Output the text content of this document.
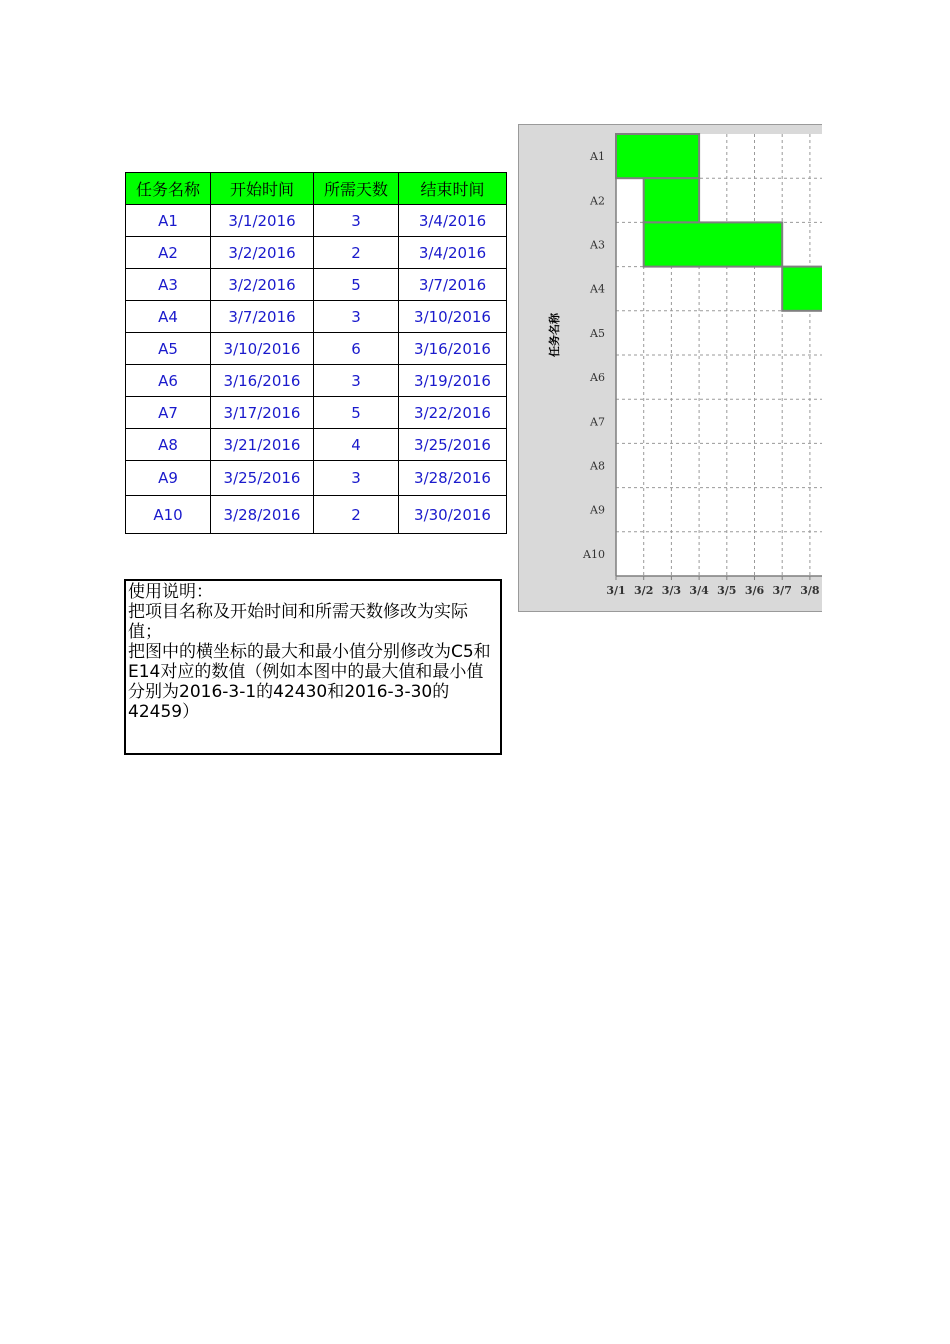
任务名称	开始时间	所需天数	结束时间
A1	3/1/2016	3	3/4/2016
A2	3/2/2016	2	3/4/2016
A3	3/2/2016	5	3/7/2016
A4	3/7/2016	3	3/10/2016
A5	3/10/2016	6	3/16/2016
A6	3/16/2016	3	3/19/2016
A7	3/17/2016	5	3/22/2016
A8	3/21/2016	4	3/25/2016
A9	3/25/2016	3	3/28/2016
A10	3/28/2016	2	3/30/2016
使用说明：
把项目名称及开始时间和所需天数修改为实际值；
把图中的横坐标的最大和最小值分别修改为C5和E14对应的数值（例如本图中的最大值和最小值分别为2016-3-1的42430和2016-3-30的42459）
A1
A2
A3
A4
A5
A6
A7
A8
A9
A10
3/1 3/2 3/3 3/4 3/5 3/6 3/7 3/8
任务名称
